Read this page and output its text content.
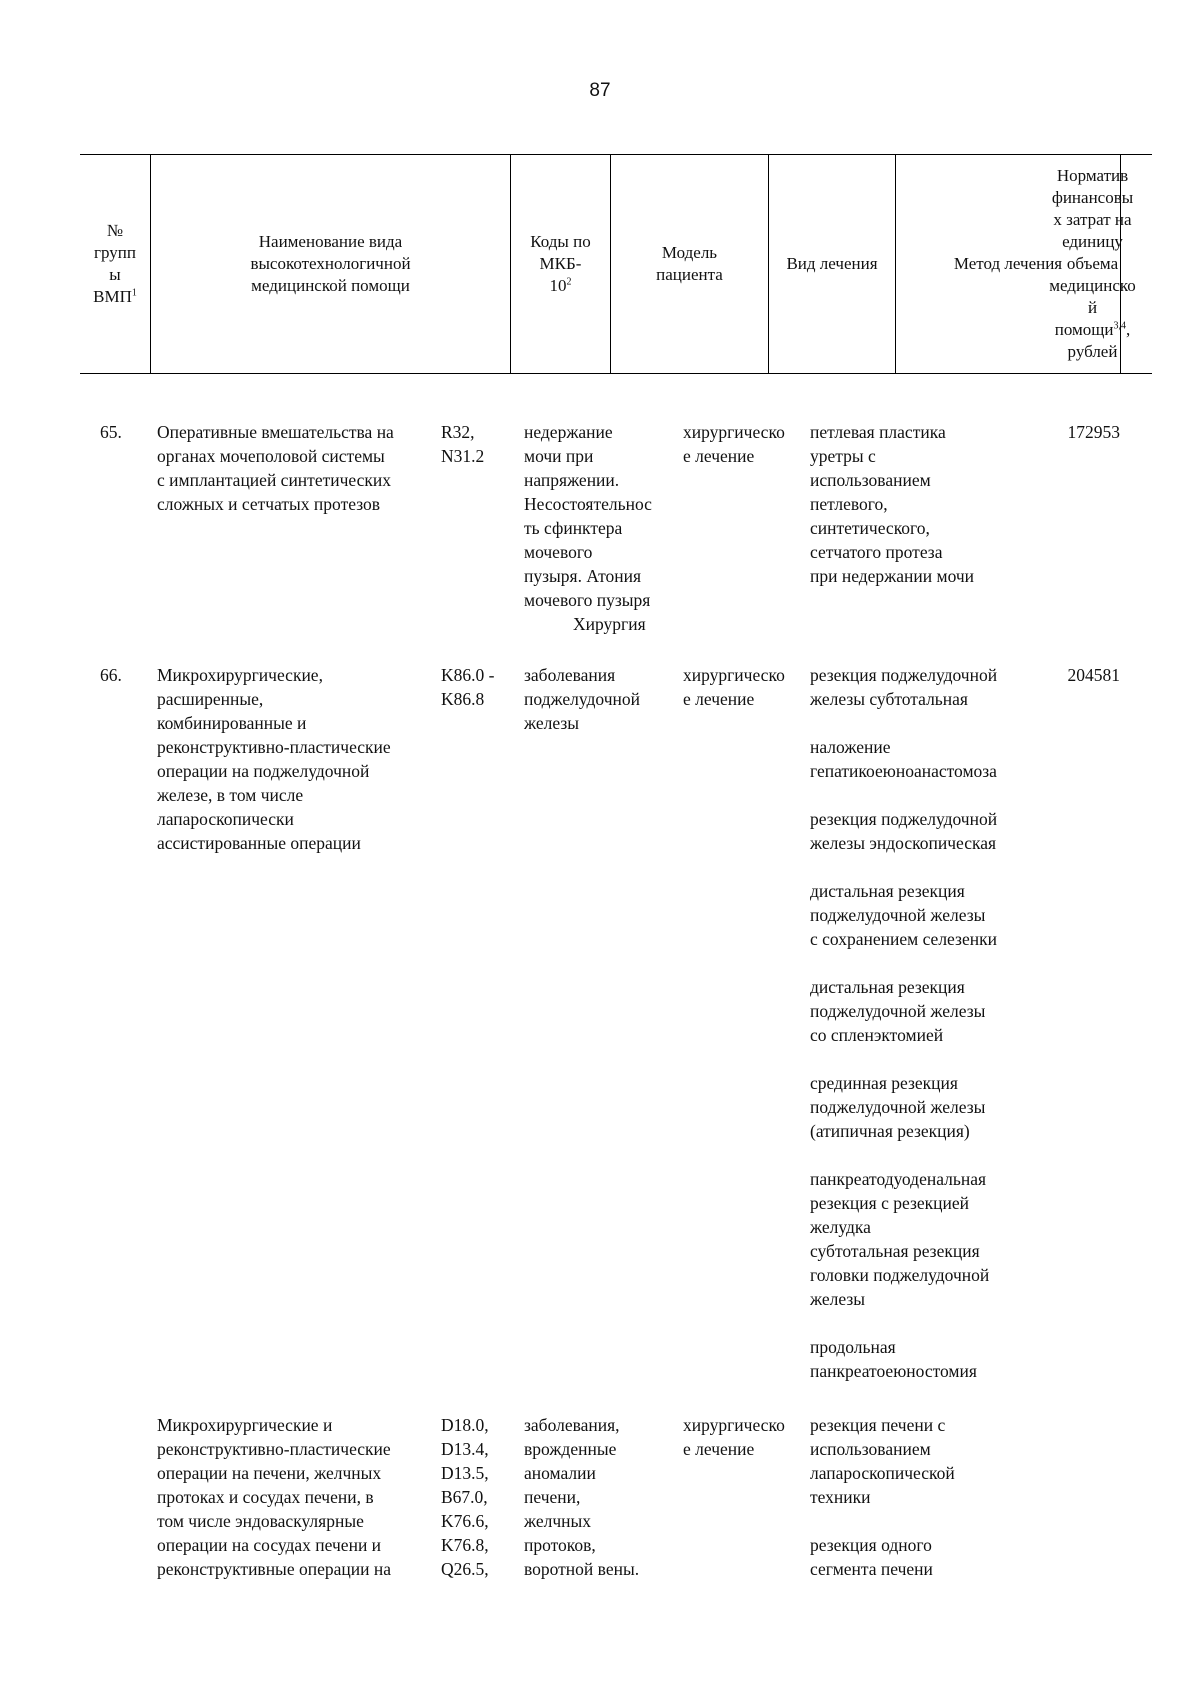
87
№
групп
ы
ВМП$^1$
Наименование вида
высокотехнологичной
медицинской помощи
Коды по
МКБ-
$10^2$
Модель
пациента
Вид лечения	Метод лечения
Норматив
финансовы
х затрат на
единицу
объема
медицинско
й
помощи$^{3,4}$,
рублей
65. Оперативные вмешательства на
органах мочеполовой системы
с имплантацией синтетических
сложных и сетчатых протезов
R32,
N31.2
недержание
мочи при
напряжении.
Несостоятельнос
ть сфинктера
мочевого
пузыря. Атония
мочевого пузыря
Хирургия
хирургическо
е лечение
петлевая пластика
уретры с
использованием
петлевого,
синтетического,
сетчатого протеза
при недержании мочи
172953
66. Микрохирургические,
расширенные,
комбинированные и
реконструктивно-пластические
операции на поджелудочной
железе, в том числе
лапароскопически
ассистированные операции
K86.0 -
K86.8
заболевания
поджелудочной
железы
хирургическо
е лечение
резекция поджелудочной
железы субтотальная
наложение
гепатикоеюноанастомоза
резекция поджелудочной
железы эндоскопическая
дистальная резекция
поджелудочной железы
с сохранением селезенки
дистальная резекция
поджелудочной железы
со спленэктомией
срединная резекция
поджелудочной железы
(атипичная резекция)
панкреатодуоденальная
резекция с резекцией
желудка
субтотальная резекция
головки поджелудочной
железы
продольная
панкреатоеюностомия
204581
Микрохирургические и
реконструктивно-пластические
операции на печени, желчных
протоках и сосудах печени, в
том числе эндоваскулярные
операции на сосудах печени и
реконструктивные операции на
D18.0,
D13.4,
D13.5,
B67.0,
K76.6,
K76.8,
Q26.5,
заболевания,
врожденные
аномалии
печени,
желчных
протоков,
воротной вены.
хирургическо
е лечение
резекция печени с
использованием
лапароскопической
техники
резекция одного
сегмента печени
